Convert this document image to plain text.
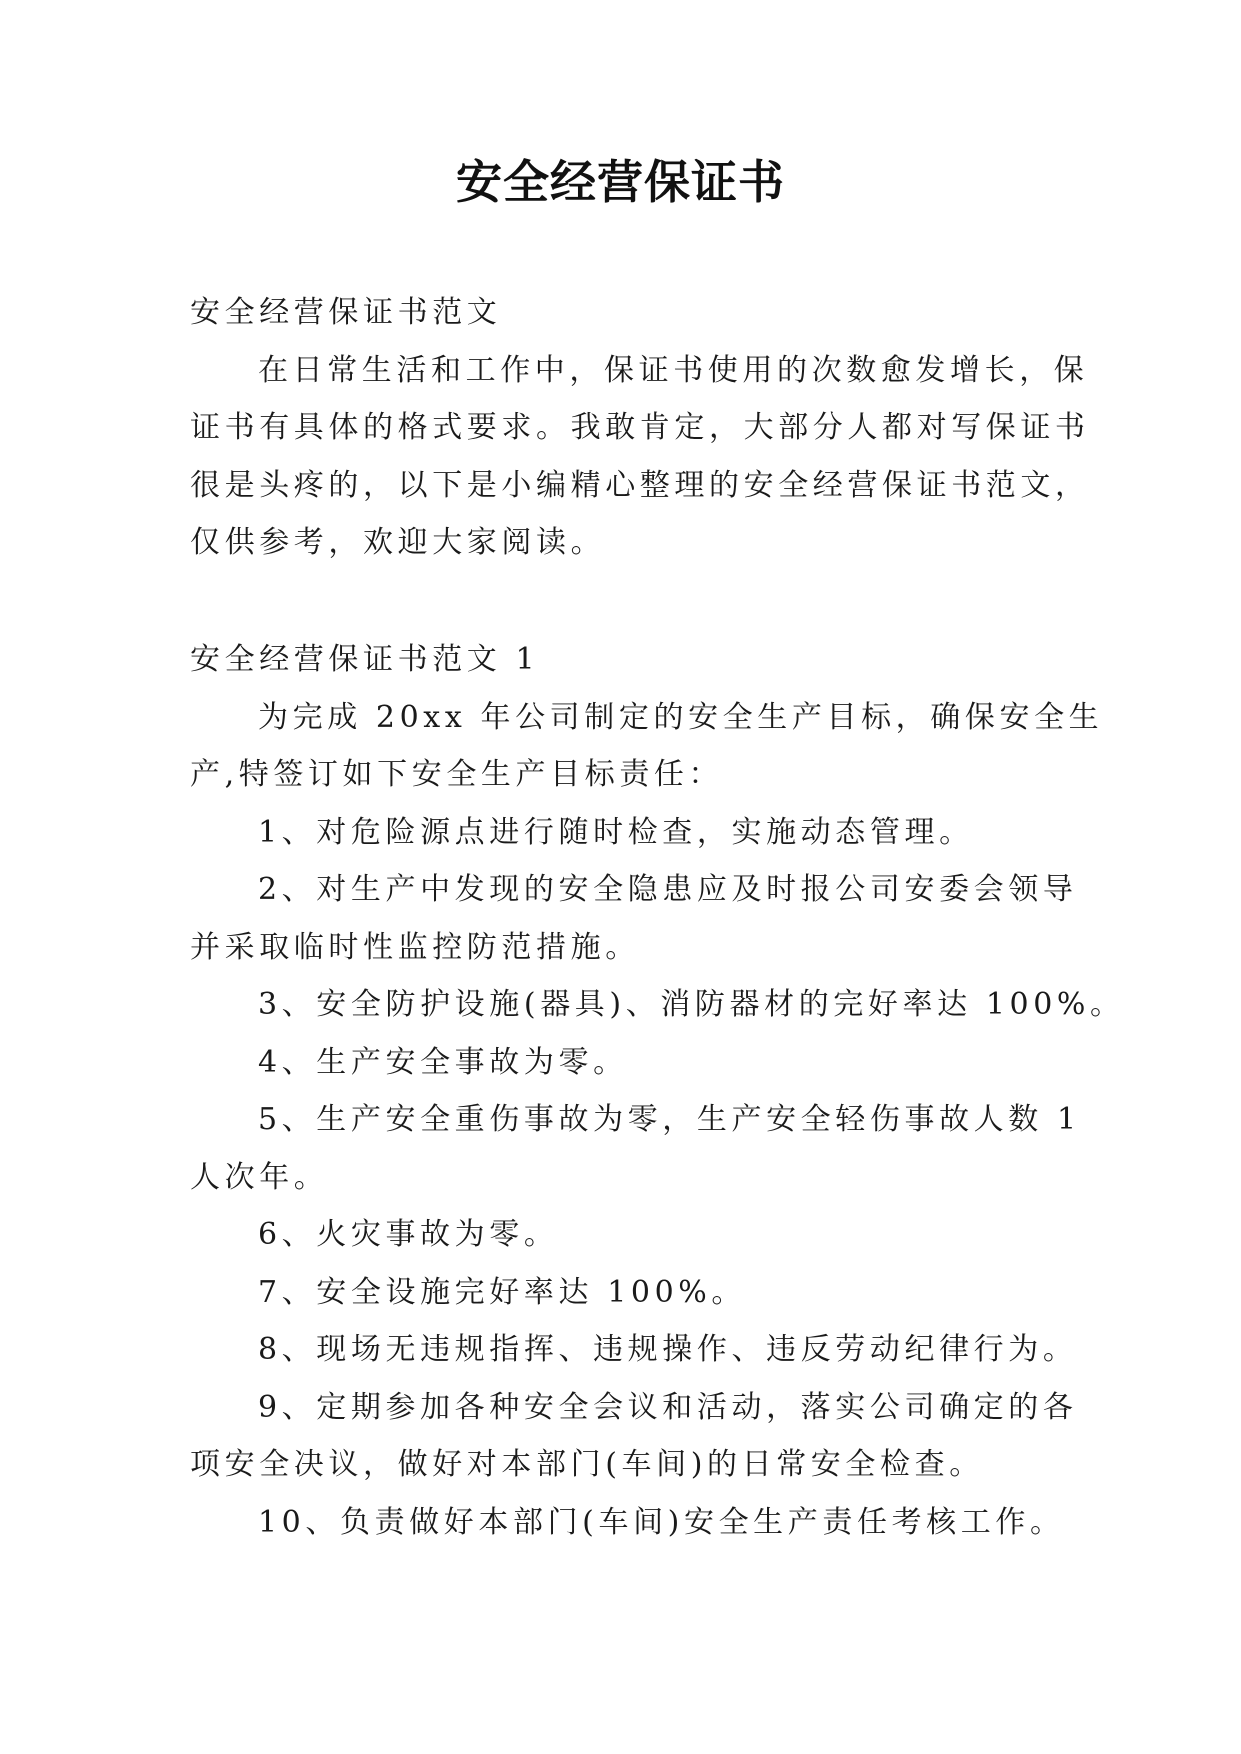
安全经营保证书
安全经营保证书范文
在日常生活和工作中，保证书使用的次数愈发增长，保
证书有具体的格式要求。我敢肯定，大部分人都对写保证书
很是头疼的，以下是小编精心整理的安全经营保证书范文，
仅供参考，欢迎大家阅读。
安全经营保证书范文 1
为完成 20xx 年公司制定的安全生产目标，确保安全生
产,特签订如下安全生产目标责任：
1、对危险源点进行随时检查，实施动态管理。
2、对生产中发现的安全隐患应及时报公司安委会领导
并采取临时性监控防范措施。
3、安全防护设施(器具)、消防器材的完好率达 100%。
4、生产安全事故为零。
5、生产安全重伤事故为零，生产安全轻伤事故人数 1
人次年。
6、火灾事故为零。
7、安全设施完好率达 100%。
8、现场无违规指挥、违规操作、违反劳动纪律行为。
9、定期参加各种安全会议和活动，落实公司确定的各
项安全决议，做好对本部门(车间)的日常安全检查。
10、负责做好本部门(车间)安全生产责任考核工作。
